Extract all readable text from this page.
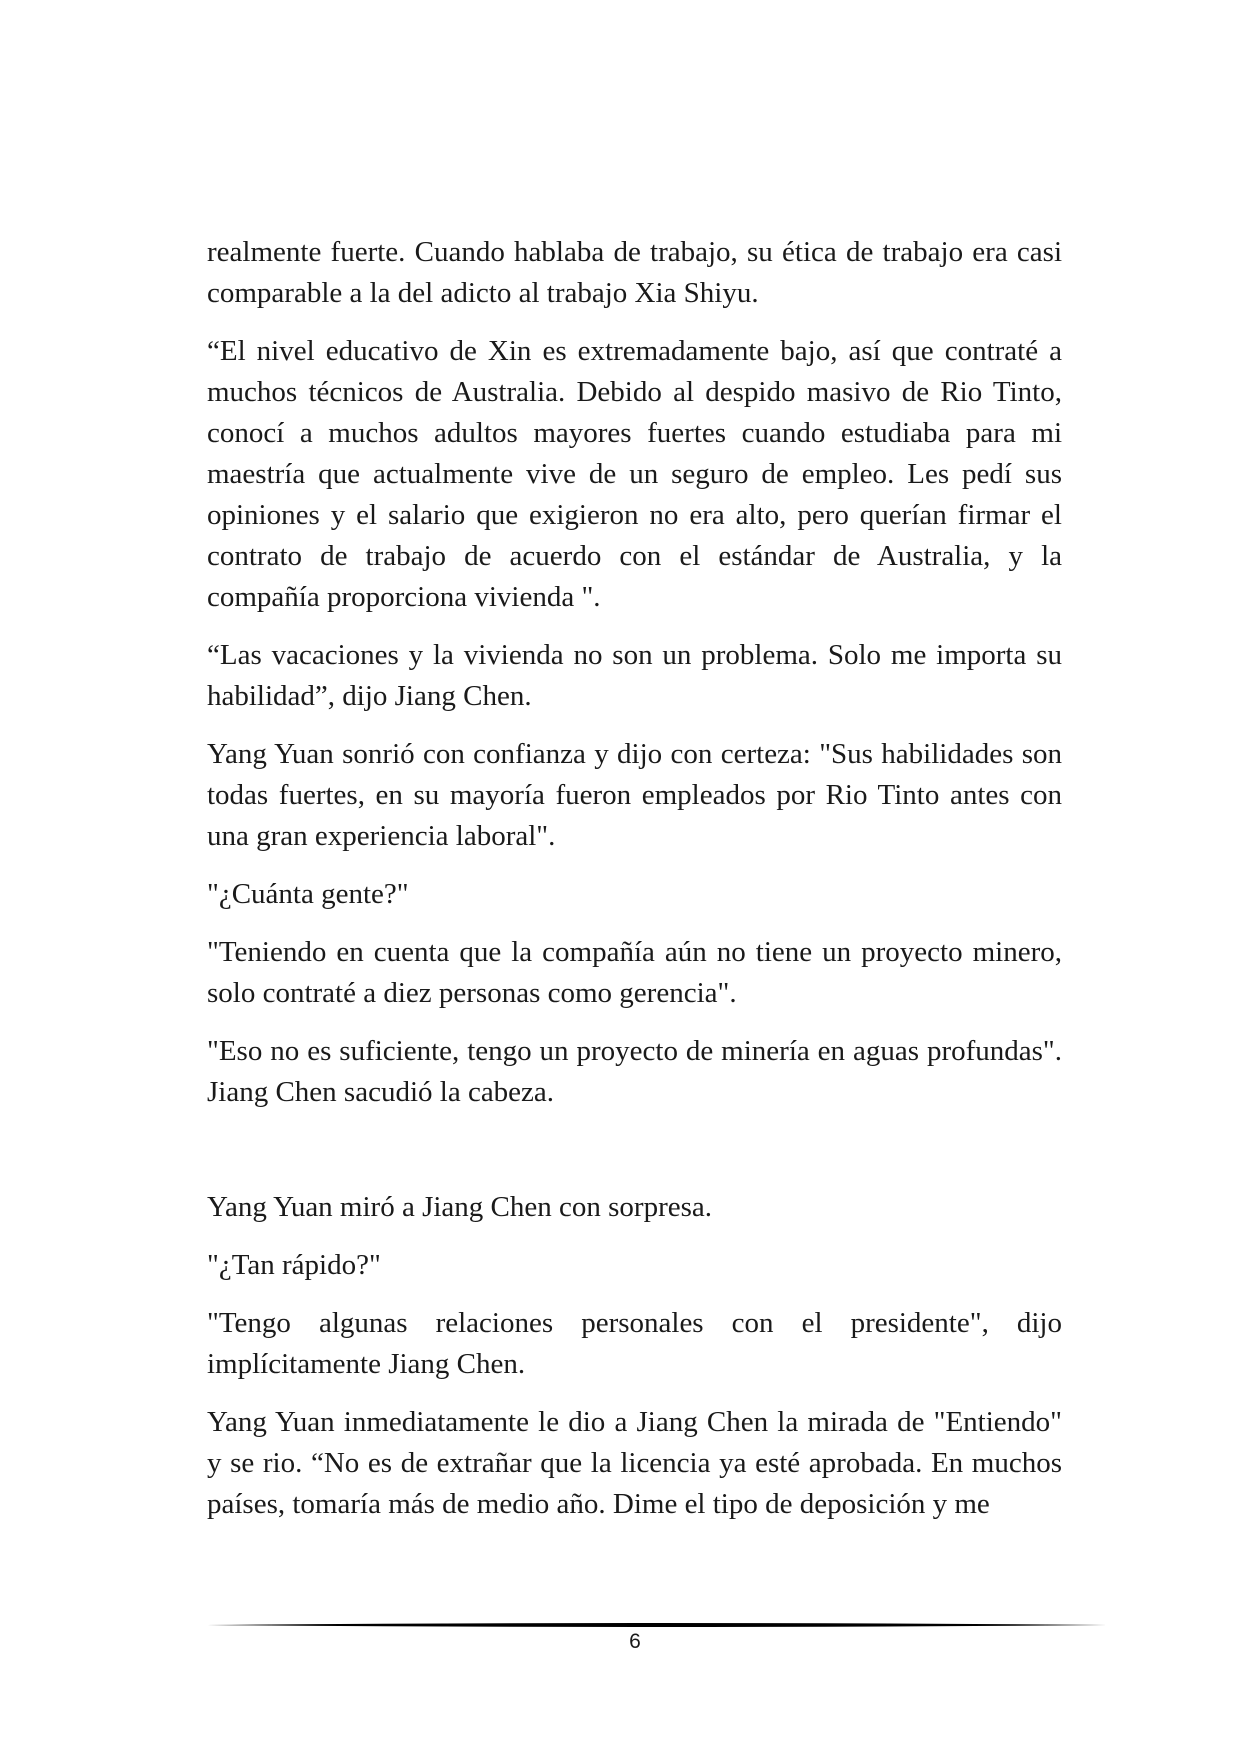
realmente fuerte. Cuando hablaba de trabajo, su ética de trabajo era casi comparable a la del adicto al trabajo Xia Shiyu.

“El nivel educativo de Xin es extremadamente bajo, así que contraté a muchos técnicos de Australia. Debido al despido masivo de Rio Tinto, conocí a muchos adultos mayores fuertes cuando estudiaba para mi maestría que actualmente vive de un seguro de empleo. Les pedí sus opiniones y el salario que exigieron no era alto, pero querían firmar el contrato de trabajo de acuerdo con el estándar de Australia, y la compañía proporciona vivienda ".

“Las vacaciones y la vivienda no son un problema. Solo me importa su habilidad”, dijo Jiang Chen.

Yang Yuan sonrió con confianza y dijo con certeza: "Sus habilidades son todas fuertes, en su mayoría fueron empleados por Rio Tinto antes con una gran experiencia laboral".

"¿Cuánta gente?"

"Teniendo en cuenta que la compañía aún no tiene un proyecto minero, solo contraté a diez personas como gerencia".

"Eso no es suficiente, tengo un proyecto de minería en aguas profundas". Jiang Chen sacudió la cabeza.

Yang Yuan miró a Jiang Chen con sorpresa.

"¿Tan rápido?"

"Tengo algunas relaciones personales con el presidente", dijo implícitamente Jiang Chen.

Yang Yuan inmediatamente le dio a Jiang Chen la mirada de "Entiendo" y se rio. “No es de extrañar que la licencia ya esté aprobada. En muchos países, tomaría más de medio año. Dime el tipo de deposición y me

6
